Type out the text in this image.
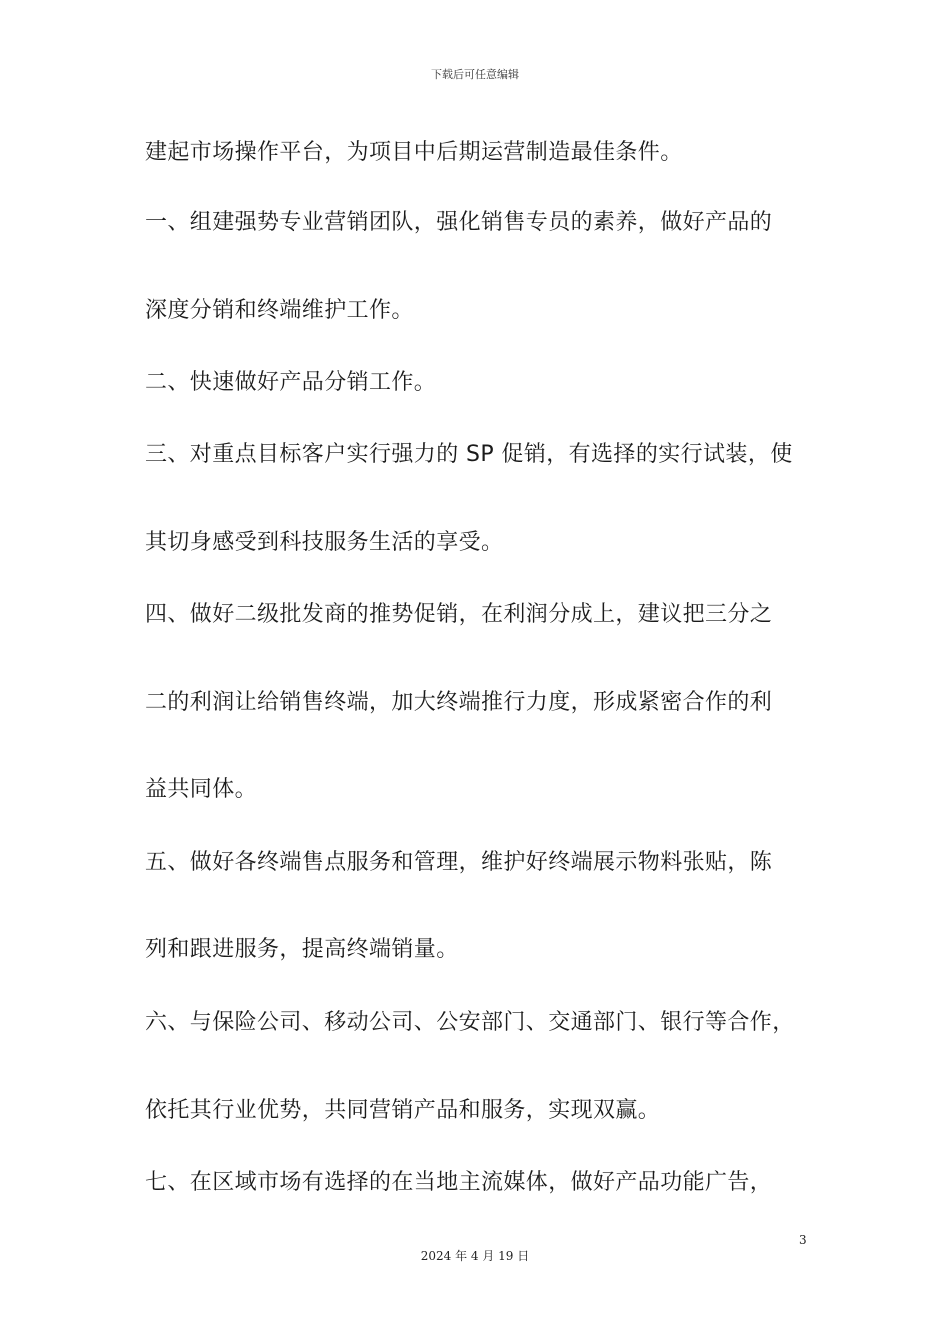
下载后可任意编辑
建起市场操作平台，为项目中后期运营制造最佳条件。
一、组建强势专业营销团队，强化销售专员的素养，做好产品的
深度分销和终端维护工作。
二、快速做好产品分销工作。
三、对重点目标客户实行强力的 SP 促销，有选择的实行试装，使
其切身感受到科技服务生活的享受。
四、做好二级批发商的推势促销，在利润分成上，建议把三分之
二的利润让给销售终端，加大终端推行力度，形成紧密合作的利
益共同体。
五、做好各终端售点服务和管理，维护好终端展示物料张贴，陈
列和跟进服务，提高终端销量。
六、与保险公司、移动公司、公安部门、交通部门、银行等合作，
依托其行业优势，共同营销产品和服务，实现双赢。
七、在区域市场有选择的在当地主流媒体，做好产品功能广告，
3
2024 年 4 月 19 日
